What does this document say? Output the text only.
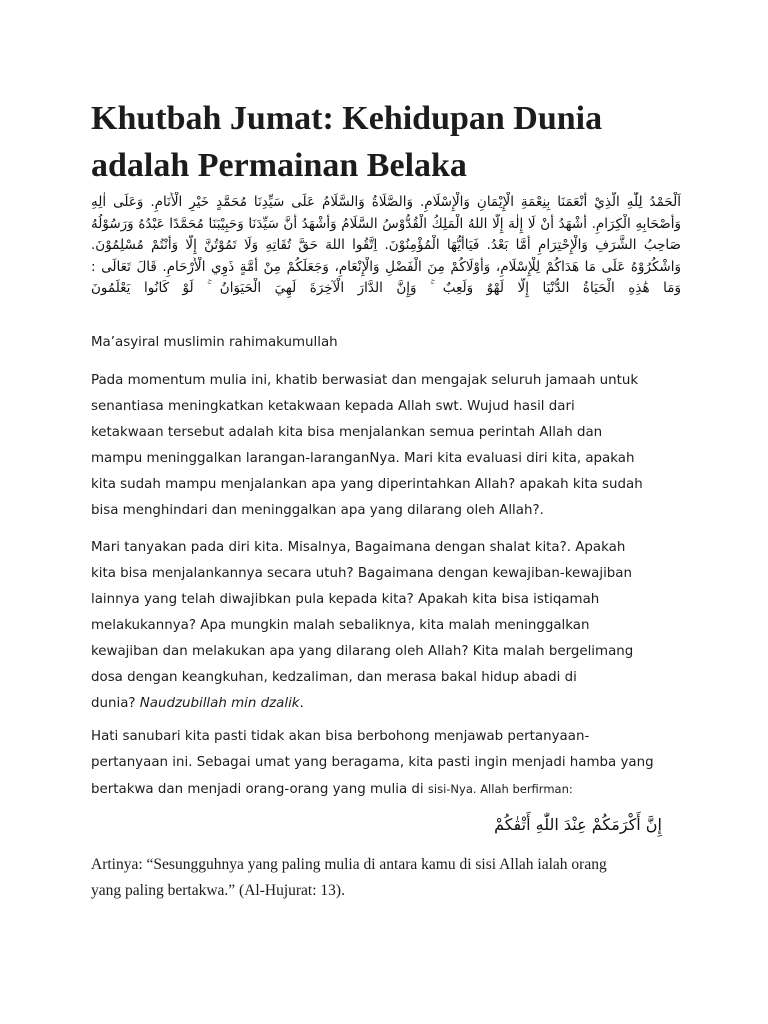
Khutbah Jumat: Kehidupan Dunia
adalah Permainan Belaka
اَلْحَمْدُ لِلّٰهِ الَّذِيْ أَنْعَمَنَا بِنِعْمَةِ الْإِيْمَانِ وَالْإِسْلَامِ. وَالصَّلَاةُ وَالسَّلَامُ عَلَى سَيِّدِنَا مُحَمَّدٍ خَيْرِ الْأَنَامِ. وَعَلَى اٰلِهِ
وَأَصْحَابِهِ الْكِرَامِ. أَشْهَدُ أَنْ لَا إِلٰهَ إِلَّا اللهُ الْمَلِكُ الْقُدُّوْسُ السَّلَامُ وَأَشْهَدُ أَنَّ سَيِّدَنَا وَحَبِيْبَنَا مُحَمَّدًا عَبْدُهُ وَرَسُوْلُهُ
صَاحِبُ الشَّرَفِ وَالْإِحْتِرَامِ أَمَّا بَعْدُ. فَيَاأَيُّهَا الْمُؤْمِنُوْنَ. اِتَّقُوا اللهَ حَقَّ تُقَاتِهِ وَلَا تَمُوْتُنَّ إِلَّا وَأَنْتُمْ مُسْلِمُوْنَ.
وَاشْكُرُوْهُ عَلَى مَا هَدَاكُمْ لِلْإِسْلَامِ، وَأَوْلَاكُمْ مِنَ الْفَضْلِ وَالْإِنْعَامِ، وَجَعَلَكُمْ مِنْ أُمَّةٍ ذَوِي الْأَرْحَامِ. قَالَ تَعَالَى :
وَمَا هَٰذِهِ الْحَيَاةُ الدُّنْيَا إِلَّا لَهْوٌ وَلَعِبٌ ۚ وَإِنَّ الدَّارَ الْآخِرَةَ لَهِيَ الْحَيَوَانُ ۚ لَوْ كَانُوا يَعْلَمُونَ

Ma’asyiral muslimin rahimakumullah

Pada momentum mulia ini, khatib berwasiat dan mengajak seluruh jamaah untuk
senantiasa meningkatkan ketakwaan kepada Allah swt. Wujud hasil dari
ketakwaan tersebut adalah kita bisa menjalankan semua perintah Allah dan
mampu meninggalkan larangan-laranganNya. Mari kita evaluasi diri kita, apakah
kita sudah mampu menjalankan apa yang diperintahkan Allah? apakah kita sudah
bisa menghindari dan meninggalkan apa yang dilarang oleh Allah?.
Mari tanyakan pada diri kita. Misalnya, Bagaimana dengan shalat kita?. Apakah
kita bisa menjalankannya secara utuh? Bagaimana dengan kewajiban-kewajiban
lainnya yang telah diwajibkan pula kepada kita? Apakah kita bisa istiqamah
melakukannya? Apa mungkin malah sebaliknya, kita malah meninggalkan
kewajiban dan melakukan apa yang dilarang oleh Allah? Kita malah bergelimang
dosa dengan keangkuhan, kedzaliman, dan merasa bakal hidup abadi di
dunia? Naudzubillah min dzalik.
Hati sanubari kita pasti tidak akan bisa berbohong menjawab pertanyaan-
pertanyaan ini. Sebagai umat yang beragama, kita pasti ingin menjadi hamba yang
bertakwa dan menjadi orang-orang yang mulia di sisi-Nya. Allah berfirman:
إِنَّ أَكْرَمَكُمْ عِنْدَ اللّٰهِ أَتْقٰكُمْ
Artinya: “Sesungguhnya yang paling mulia di antara kamu di sisi Allah ialah orang
yang paling bertakwa.” (Al-Hujurat: 13).
